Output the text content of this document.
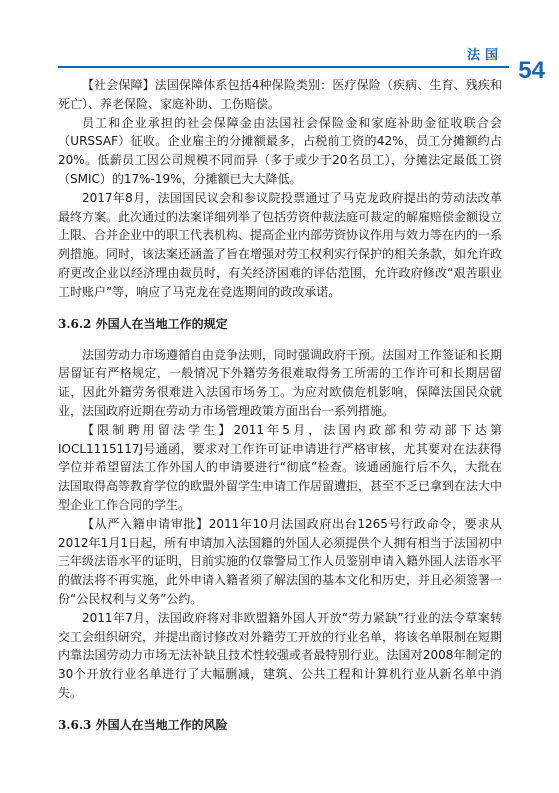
法国
54

【社会保障】法国保障体系包括4种保险类别：医疗保险（疾病、生育、残疾和死亡）、养老保险、家庭补助、工伤赔偿。

员工和企业承担的社会保障金由法国社会保险金和家庭补助金征收联合会（URSSAF）征收。企业雇主的分摊额最多，占税前工资的42%，员工分摊额约占20%。低薪员工因公司规模不同而异（多于或少于20名员工），分摊法定最低工资（SMIC）的17%-19%，分摊额已大大降低。

2017年8月，法国国民议会和参议院投票通过了马克龙政府提出的劳动法改革最终方案。此次通过的法案详细列举了包括劳资仲裁法庭可裁定的解雇赔偿金额设立上限、合并企业中的职工代表机构、提高企业内部劳资协议作用与效力等在内的一系列措施。同时，该法案还涵盖了旨在增强对劳工权利实行保护的相关条款，如允许政府更改企业以经济理由裁员时，有关经济困难的评估范围，允许政府修改“艰苦职业工时账户”等，响应了马克龙在竞选期间的政改承诺。

3.6.2 外国人在当地工作的规定

法国劳动力市场遵循自由竞争法则，同时强调政府干预。法国对工作签证和长期居留证有严格规定，一般情况下外籍劳务很难取得务工所需的工作许可和长期居留证，因此外籍劳务很难进入法国市场务工。为应对欧债危机影响，保障法国民众就业，法国政府近期在劳动力市场管理政策方面出台一系列措施。

【限制聘用留法学生】2011年5月，法国内政部和劳动部下达第IOCL1115117J号通函，要求对工作许可证申请进行严格审核，尤其要对在法获得学位并希望留法工作外国人的申请要进行“彻底”检查。该通函施行后不久，大批在法国取得高等教育学位的欧盟外留学生申请工作居留遭拒，甚至不乏已拿到在法大中型企业工作合同的学生。

【从严入籍申请审批】2011年10月法国政府出台1265号行政命令，要求从2012年1月1日起，所有申请加入法国籍的外国人必须提供个人拥有相当于法国初中三年级法语水平的证明，目前实施的仅靠警局工作人员鉴别申请入籍外国人法语水平的做法将不再实施，此外申请入籍者须了解法国的基本文化和历史，并且必须签署一份“公民权利与义务”公约。

2011年7月，法国政府将对非欧盟籍外国人开放“劳力紧缺”行业的法令草案转交工会组织研究，并提出商讨修改对外籍劳工开放的行业名单，将该名单限制在短期内靠法国劳动力市场无法补缺且技术性较强或者最特别行业。法国对2008年制定的30个开放行业名单进行了大幅删减，建筑、公共工程和计算机行业从新名单中消失。

3.6.3 外国人在当地工作的风险
